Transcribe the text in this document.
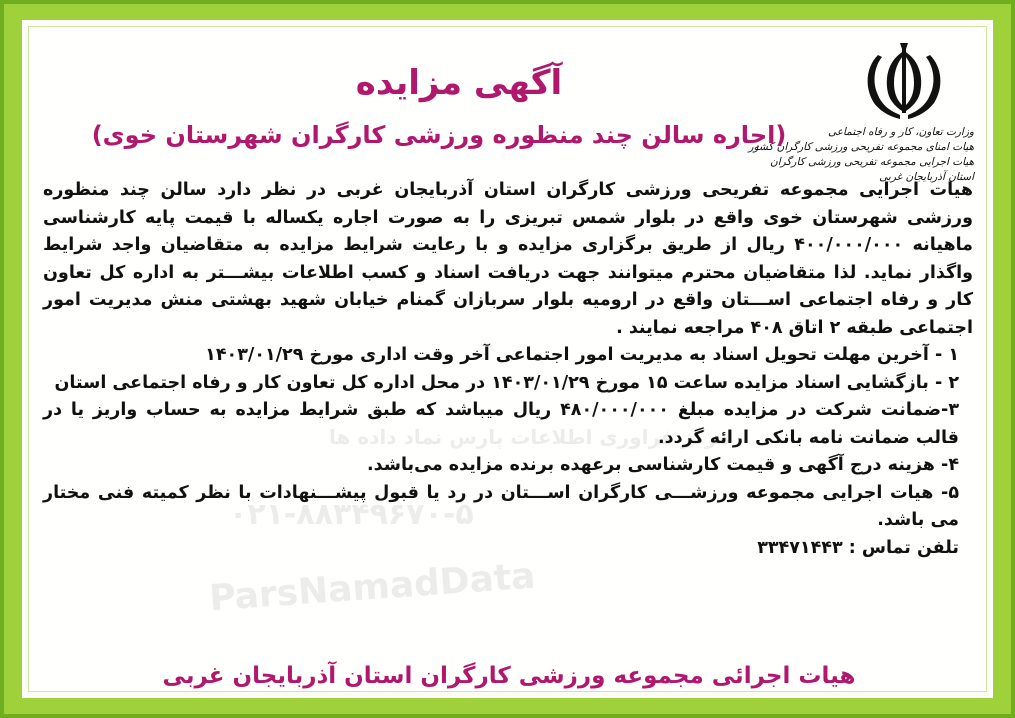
ParsNamadData
مرکز فراوری اطلاعات پارس نماد داده ها
۰۲۱-۸۸۳۴۹۶۷۰-۵
وزارت تعاون، کار و رفاه اجتماعی
هیات امنای مجموعه تفریحی ورزشی کارگران کشور
هیات اجرایی مجموعه تفریحی ورزشی کارگران
استان آذربایجان غربی
آگهی مزایده
(اجاره سالن چند منظوره ورزشی کارگران شهرستان خوی)

هیات اجرایی مجموعه تفریحی ورزشی کارگران استان آذربایجان غربی در نظر دارد سالن چند منظوره ورزشی شهرستان خوی واقع در بلوار شمس تبریزی را به صورت اجاره یکساله با قیمت پایه کارشناسی ماهیانه ۴۰۰/۰۰۰/۰۰۰ ریال از طریق برگزاری مزایده و با رعایت شرایط مزایده به متقاضیان واجد شرایط واگذار نماید. لذا متقاضیان محترم میتوانند جهت دریافت اسناد و کسب اطلاعات بیشـــتر به اداره کل تعاون کار و رفاه اجتماعی اســـتان واقع در ارومیه بلوار سربازان گمنام خیابان شهید بهشتی منش مدیریت امور اجتماعی طبقه ۲ اتاق ۴۰۸ مراجعه نمایند .

۱ - آخرین مهلت تحویل اسناد به مدیریت امور اجتماعی آخر وقت اداری مورخ ۱۴۰۳/۰۱/۲۹

۲ - بازگشایی اسناد مزایده ساعت ۱۵ مورخ ۱۴۰۳/۰۱/۲۹ در محل اداره کل تعاون کار و رفاه اجتماعی استان

۳-ضمانت شرکت در مزایده مبلغ ۴۸۰/۰۰۰/۰۰۰ ریال میباشد که طبق شرایط مزایده به حساب واریز یا در قالب ضمانت نامه بانکی ارائه گردد.

۴- هزینه درج آگهی و قیمت کارشناسی برعهده برنده مزایده می‌باشد.

۵- هیات اجرایی مجموعه ورزشـــی کارگران اســـتان در رد یا قبول پیشـــنهادات با نظر کمیته فنی مختار می باشد.

تلفن تماس : ۳۳۴۷۱۴۴۳

هیات اجرائی مجموعه ورزشی کارگران استان آذربایجان غربی
